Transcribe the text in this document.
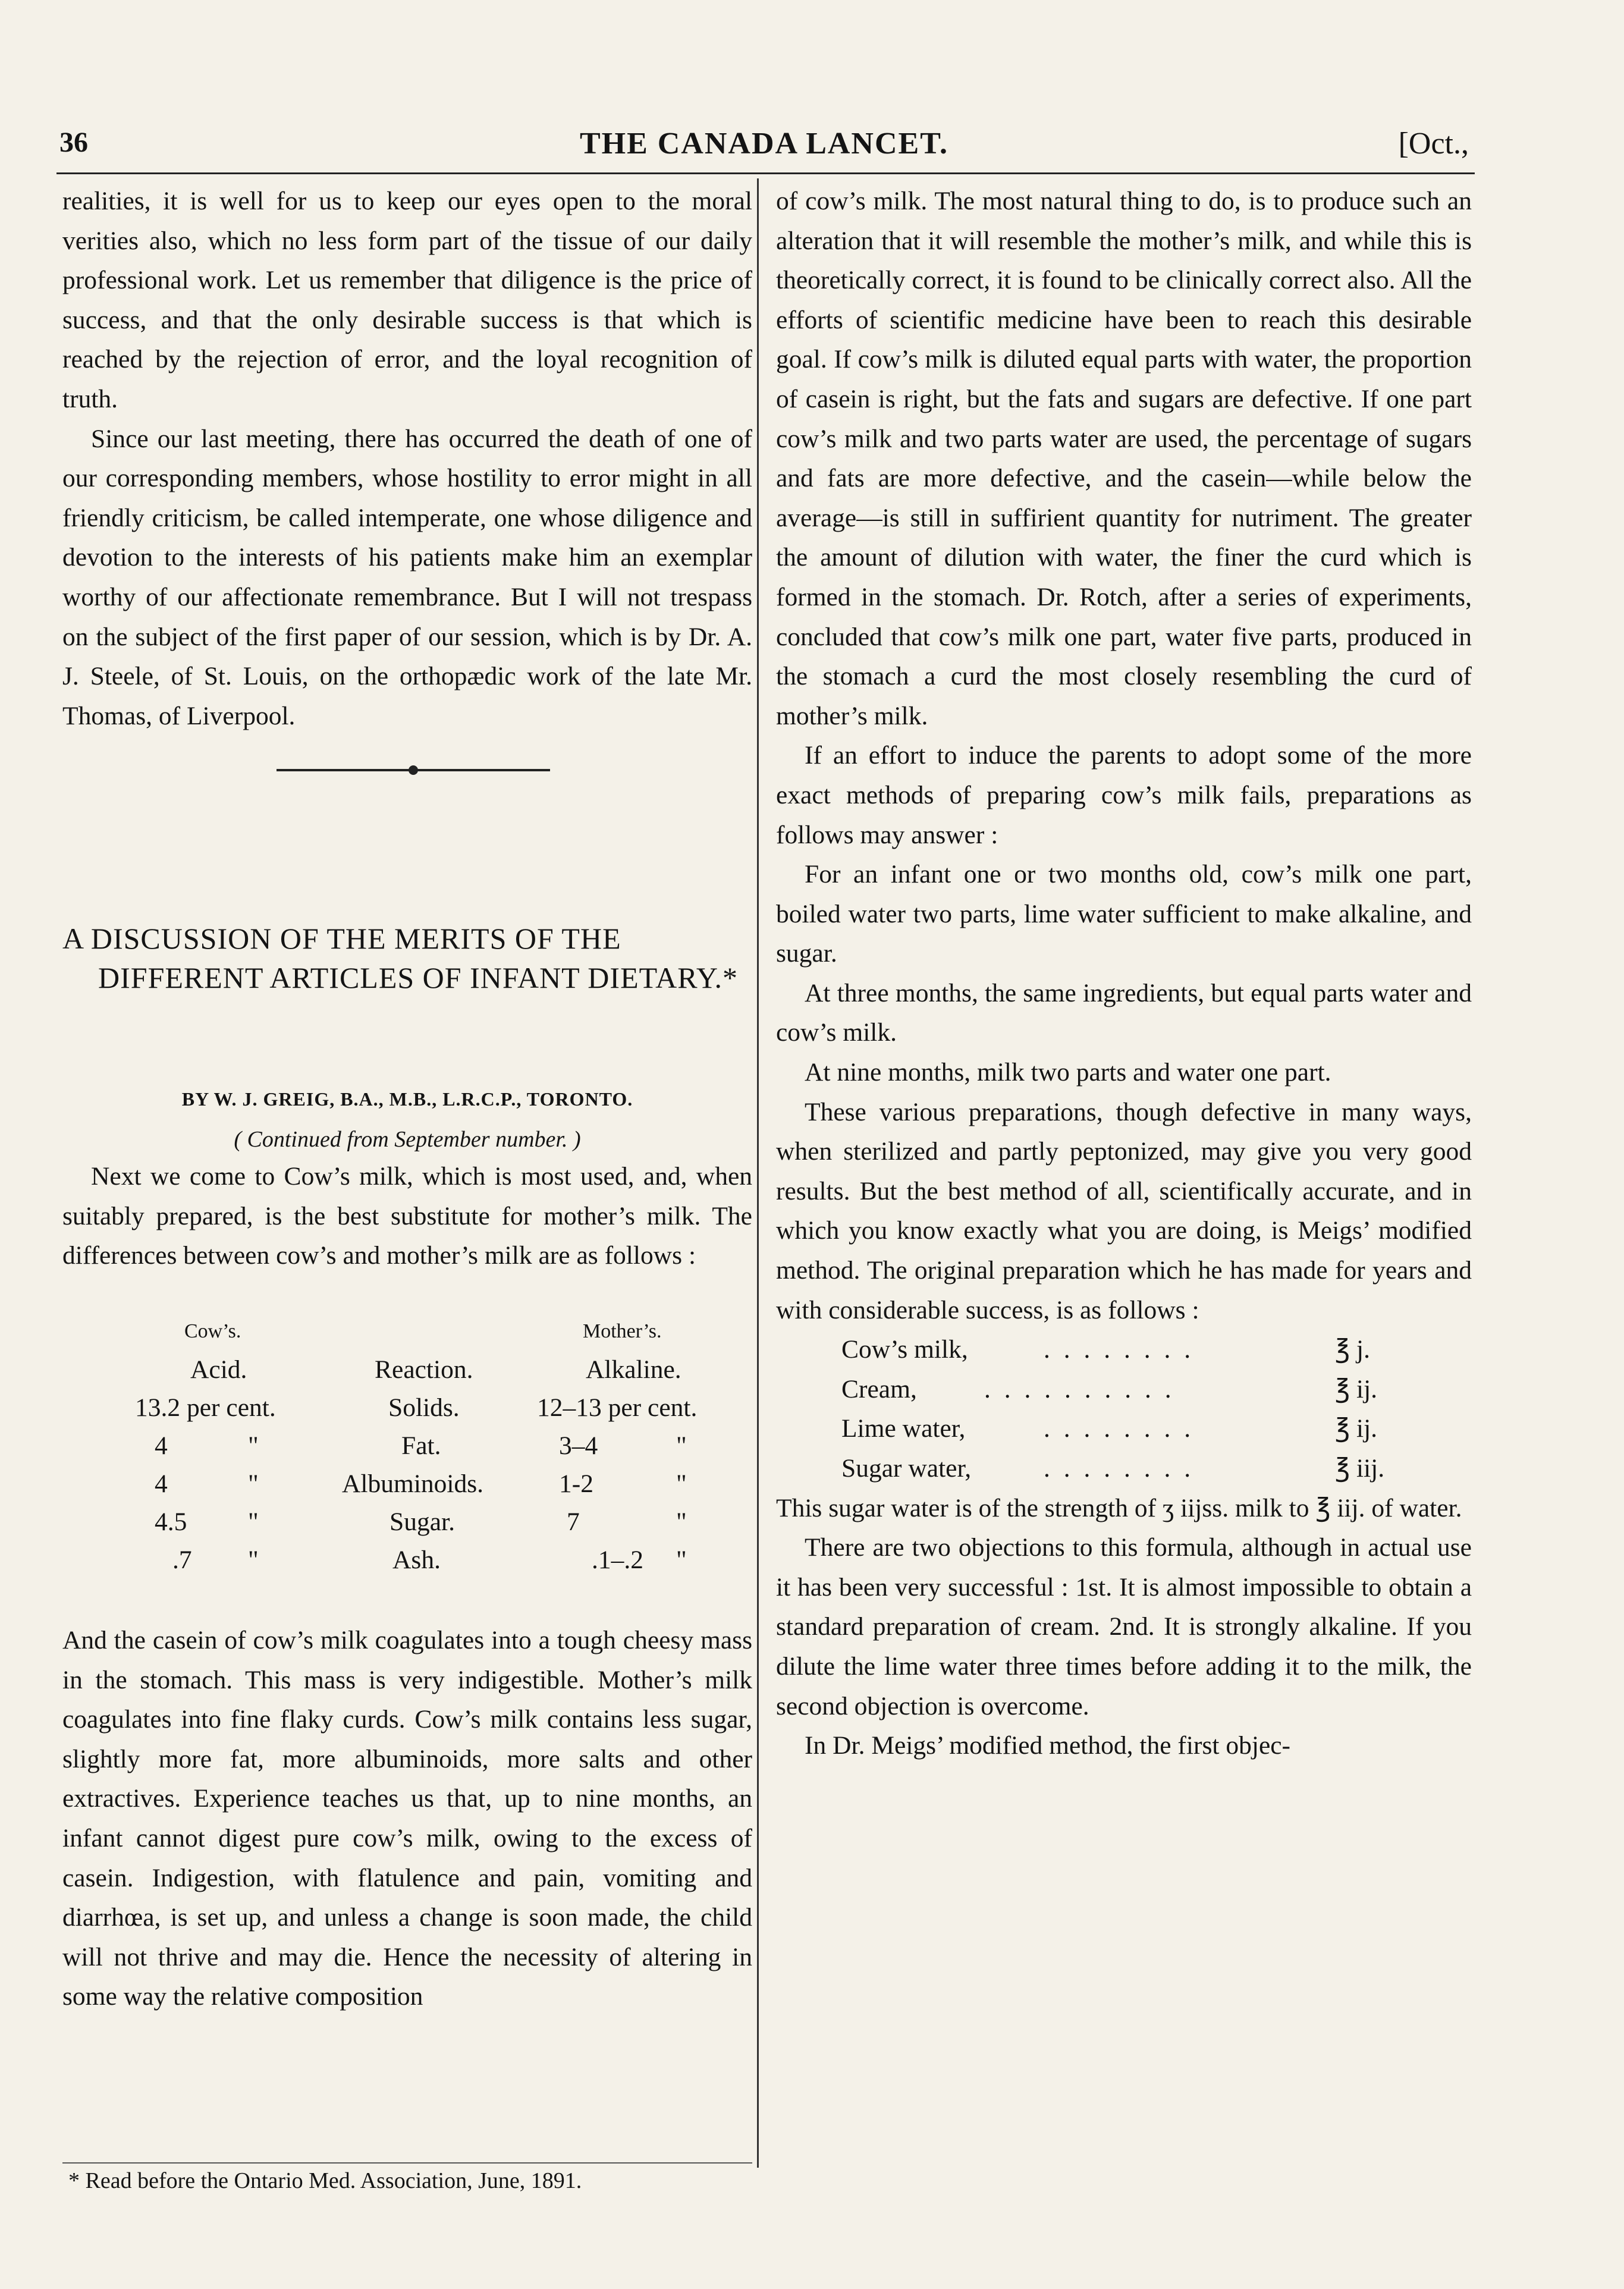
36	THE CANADA LANCET.	[Oct.,

realities, it is well for us to keep our eyes open to the moral verities also, which no less form part of the tissue of our daily professional work. Let us remember that diligence is the price of success, and that the only desirable success is that which is reached by the rejection of error, and the loyal recognition of truth.

Since our last meeting, there has occurred the death of one of our corresponding members, whose hostility to error might in all friendly criticism, be called intemperate, one whose diligence and devotion to the interests of his patients make him an exemplar worthy of our affectionate remembrance. But I will not trespass on the subject of the first paper of our session, which is by Dr. A. J. Steele, of St. Louis, on the orthopædic work of the late Mr. Thomas, of Liverpool.

A DISCUSSION OF THE MERITS OF THE
DIFFERENT ARTICLES OF INFANT DIETARY.*
BY W. J. GREIG, B.A., M.B., L.R.C.P., TORONTO.
( Continued from September number. )

Next we come to Cow’s milk, which is most used, and, when suitably prepared, is the best substitute for mother’s milk. The differences between cow’s and mother’s milk are as follows :

And the casein of cow’s milk coagulates into a tough cheesy mass in the stomach. This mass is very indigestible. Mother’s milk coagulates into fine flaky curds. Cow’s milk contains less sugar, slightly more fat, more albuminoids, more salts and other extractives. Experience teaches us that, up to nine months, an infant cannot digest pure cow’s milk, owing to the excess of casein. Indigestion, with flatulence and pain, vomiting and diarrhœa, is set up, and unless a change is soon made, the child will not thrive and may die. Hence the necessity of altering in some way the relative composition

Cow’s.	Mother’s.
Acid.	Reaction.	Alkaline.
13.2 per cent.	Solids.	12–13 per cent.
4	"	Fat.	3–4	"
4	"	Albuminoids.	1-2	"
4.5 "	Sugar.	7	"
.7 "	Ash.	.1–.2 "

of cow’s milk. The most natural thing to do, is to produce such an alteration that it will resemble the mother’s milk, and while this is theoretically correct, it is found to be clinically correct also. All the efforts of scientific medicine have been to reach this desirable goal. If cow’s milk is diluted equal parts with water, the proportion of casein is right, but the fats and sugars are defective. If one part cow’s milk and two parts water are used, the percentage of sugars and fats are more defective, and the casein—while below the average—is still in suffirient quantity for nutriment. The greater the amount of dilution with water, the finer the curd which is formed in the stomach. Dr. Rotch, after a series of experiments, concluded that cow’s milk one part, water five parts, produced in the stomach a curd the most closely resembling the curd of mother’s milk.

If an effort to induce the parents to adopt some of the more exact methods of preparing cow’s milk fails, preparations as follows may answer :

For an infant one or two months old, cow’s milk one part, boiled water two parts, lime water sufficient to make alkaline, and sugar.

At three months, the same ingredients, but equal parts water and cow’s milk.

At nine months, milk two parts and water one part.

These various preparations, though defective in many ways, when sterilized and partly peptonized, may give you very good results. But the best method of all, scientifically accurate, and in which you know exactly what you are doing, is Meigs’ modified method. The original preparation which he has made for years and with considerable success, is as follows :

Cow’s milk,	. . . . . . . .	℥ j.
Cream,	. . . . . . . . . .	℥ ij.
Lime water,	. . . . . . . .	℥ ij.
Sugar water,	. . . . . . . .	℥ iij.

This sugar water is of the strength of ʒ iijss. milk to ℥ iij. of water.

There are two objections to this formula, although in actual use it has been very successful : 1st. It is almost impossible to obtain a standard preparation of cream. 2nd. It is strongly alkaline. If you dilute the lime water three times before adding it to the milk, the second objection is overcome.

In Dr. Meigs’ modified method, the first objec-

* Read before the Ontario Med. Association, June, 1891.
